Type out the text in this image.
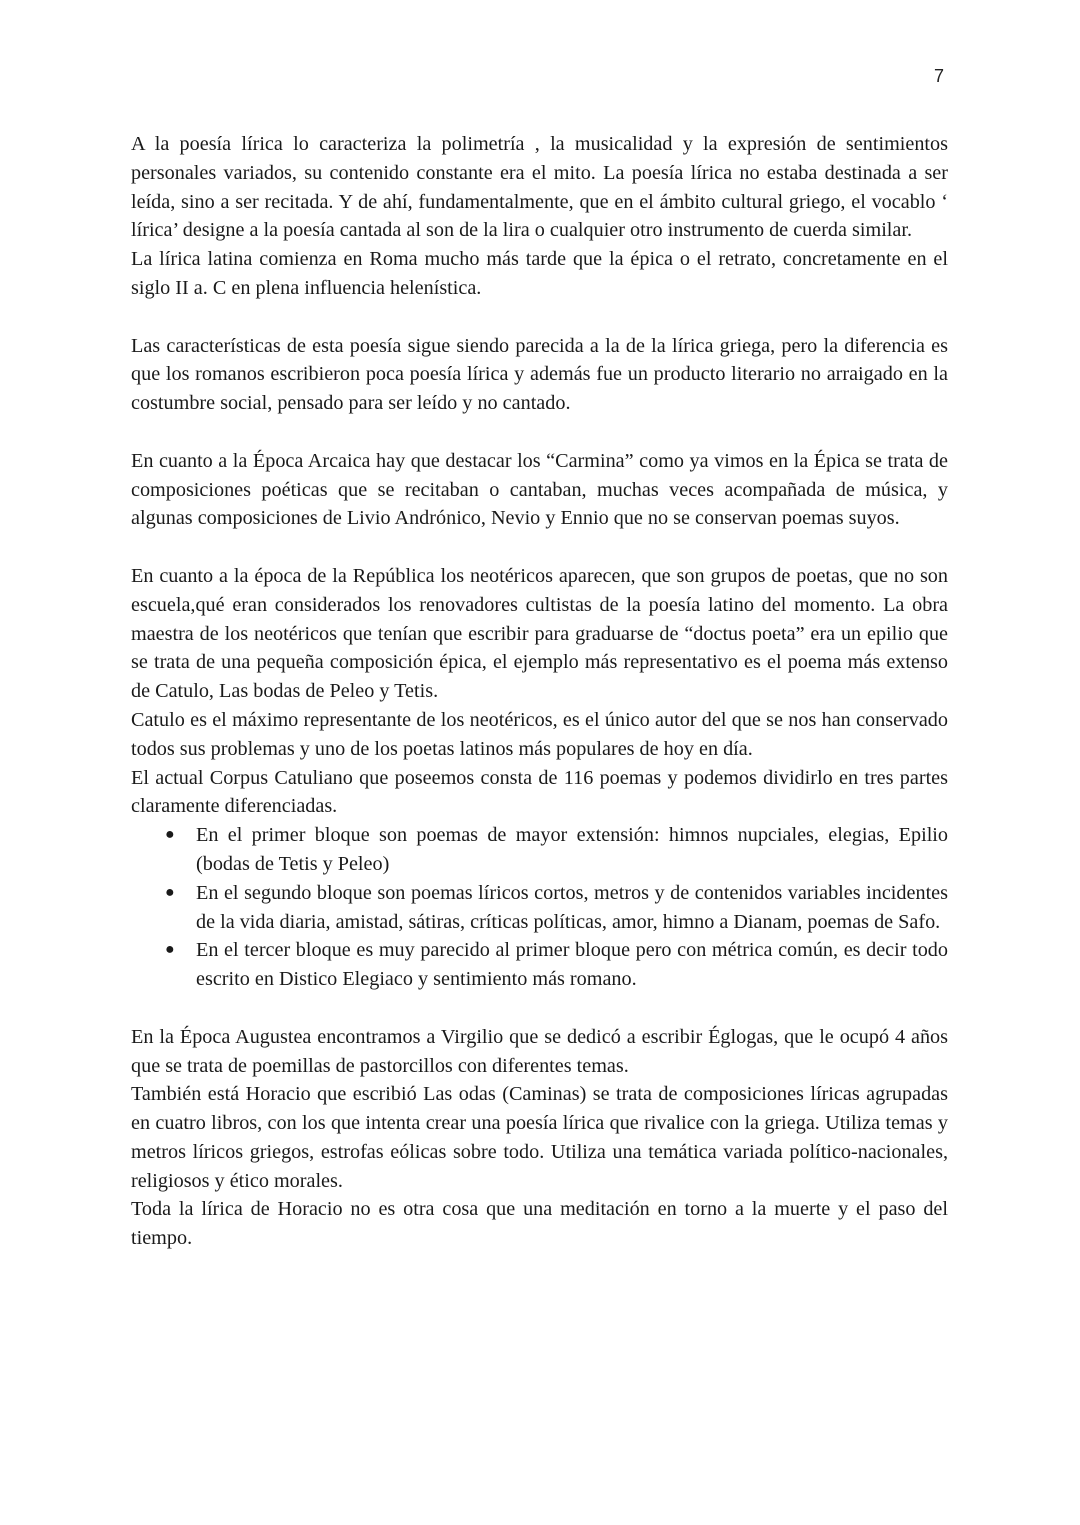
7

A la poesía lírica lo caracteriza la polimetría , la musicalidad y la expresión de sentimientos personales variados, su contenido constante era el mito. La poesía lírica no estaba destinada a ser leída, sino a ser recitada. Y de ahí, fundamentalmente, que en el ámbito cultural griego, el vocablo ‘ lírica’ designe a la poesía cantada al son de la lira o cualquier otro instrumento de cuerda similar.

La lírica latina comienza en Roma mucho más tarde que la épica o el retrato, concretamente en el siglo II a. C en plena influencia helenística.

Las características de esta poesía sigue siendo parecida a la de la lírica griega, pero la diferencia es que los romanos escribieron poca poesía lírica y además fue un producto literario no arraigado en la costumbre social, pensado para ser leído y no cantado.

En cuanto a la Época Arcaica hay que destacar los “Carmina” como ya vimos en la Épica se trata de composiciones poéticas que se recitaban o cantaban, muchas veces acompañada de música, y algunas composiciones de Livio Andrónico, Nevio y Ennio que no se conservan poemas suyos.

En cuanto a la época de la República los neotéricos aparecen, que son grupos de poetas, que no son escuela,qué eran considerados los renovadores cultistas de la poesía latino del momento. La obra maestra de los neotéricos que tenían que escribir para graduarse de “doctus poeta” era un epilio que se trata de una pequeña composición épica, el ejemplo más representativo es el poema más extenso de Catulo, Las bodas de Peleo y Tetis.

Catulo es el máximo representante de los neotéricos, es el único autor del que se nos han conservado todos sus problemas y uno de los poetas latinos más populares de hoy en día.

El actual Corpus Catuliano que poseemos consta de 116 poemas y podemos dividirlo en tres partes claramente diferenciadas.

● En el primer bloque son poemas de mayor extensión: himnos nupciales, elegias, Epilio (bodas de Tetis y Peleo)
● En el segundo bloque son poemas líricos cortos, metros y de contenidos variables incidentes de la vida diaria, amistad, sátiras, críticas políticas, amor, himno a Dianam, poemas de Safo.
● En el tercer bloque es muy parecido al primer bloque pero con métrica común, es decir todo escrito en Distico Elegiaco y sentimiento más romano.

En la Época Augustea encontramos a Virgilio que se dedicó a escribir Églogas, que le ocupó 4 años que se trata de poemillas de pastorcillos con diferentes temas.

También está Horacio que escribió Las odas (Caminas) se trata de composiciones líricas agrupadas en cuatro libros, con los que intenta crear una poesía lírica que rivalice con la griega. Utiliza temas y metros líricos griegos, estrofas eólicas sobre todo. Utiliza una temática variada político-nacionales, religiosos y ético morales.

Toda la lírica de Horacio no es otra cosa que una meditación en torno a la muerte y el paso del tiempo.
